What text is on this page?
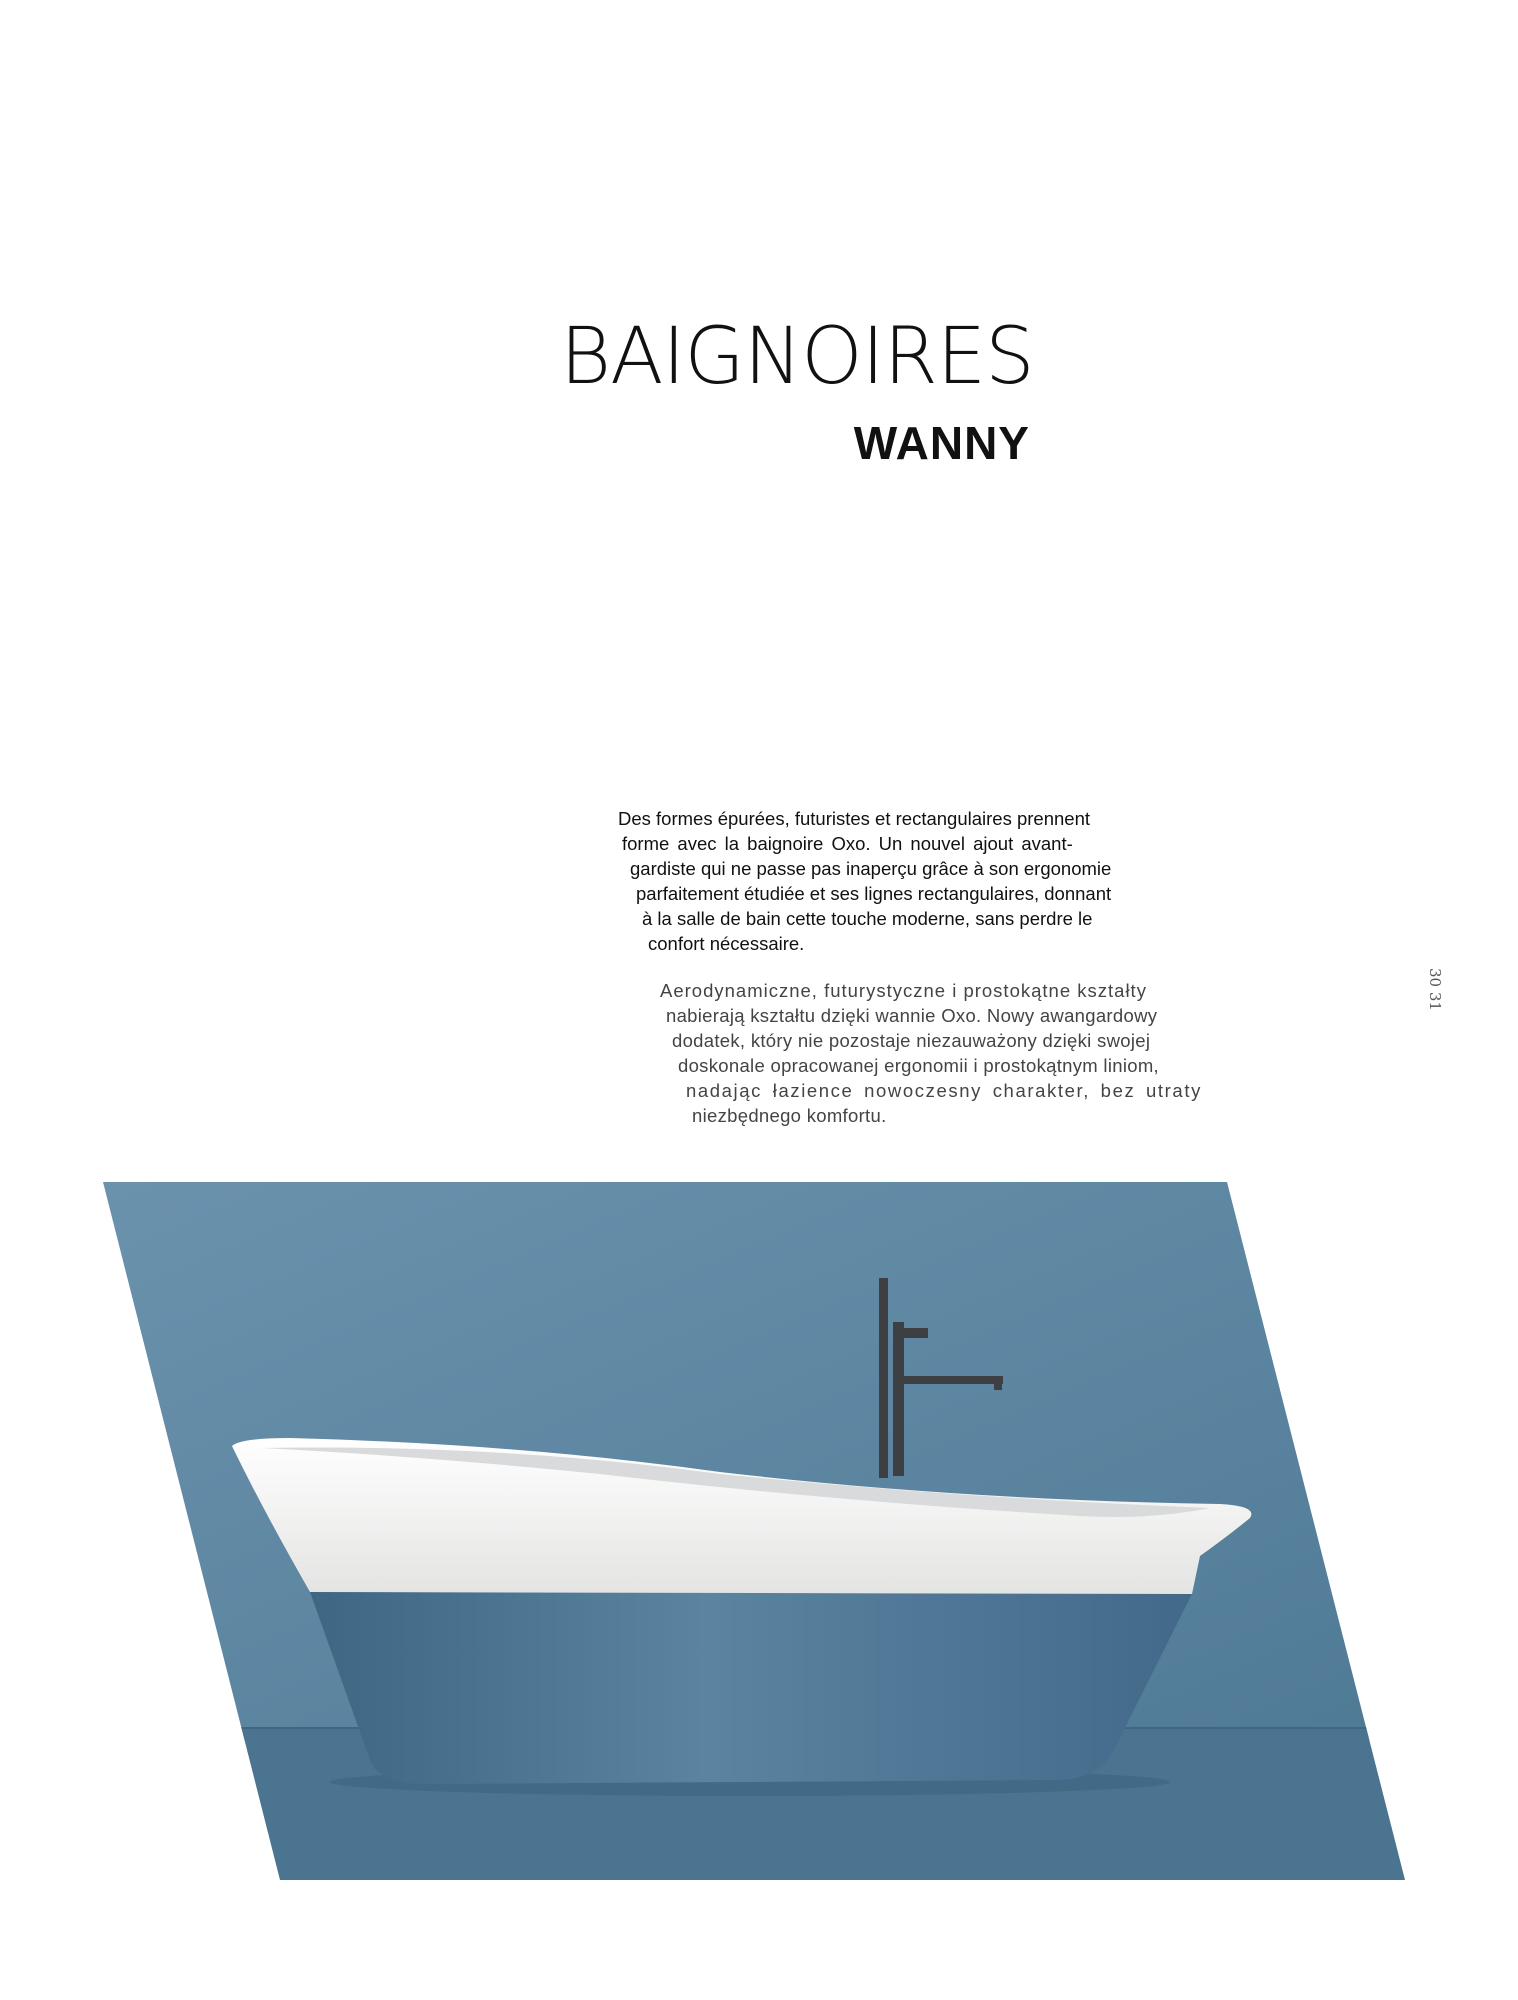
BAIGNOIRES
WANNY

Des formes épurées, futuristes et rectangulaires prennent
forme avec la baignoire Oxo. Un nouvel ajout avant-
gardiste qui ne passe pas inaperçu grâce à son ergonomie
parfaitement étudiée et ses lignes rectangulaires, donnant
à la salle de bain cette touche moderne, sans perdre le
confort nécessaire.

Aerodynamiczne, futurystyczne i prostokątne kształty
nabierają kształtu dzięki wannie Oxo. Nowy awangardowy
dodatek, który nie pozostaje niezauważony dzięki swojej
doskonale opracowanej ergonomii i prostokątnym liniom,
nadając łazience nowoczesny charakter, bez utraty
niezbędnego komfortu.

30 31
